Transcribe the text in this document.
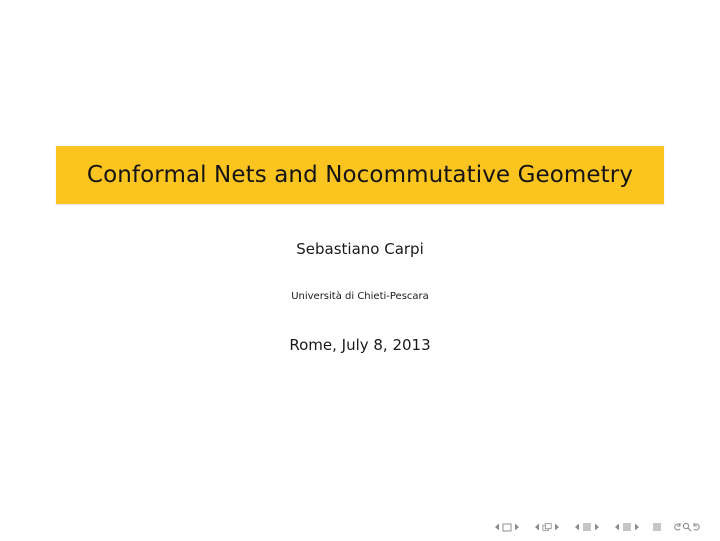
Conformal Nets and Nocommutative Geometry
Sebastiano Carpi
Università di Chieti-Pescara
Rome, July 8, 2013
